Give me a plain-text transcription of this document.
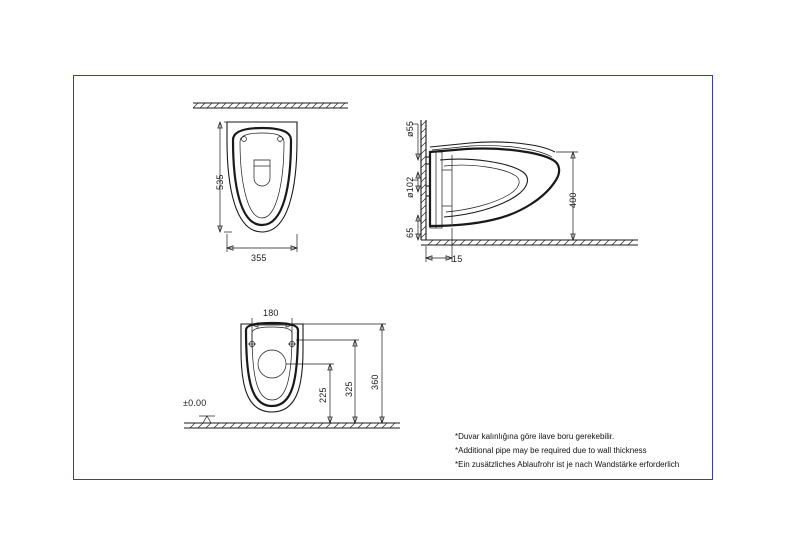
535
355
ø55
ø102
400
65
15
180
225 325 360
±0.00
*Duvar kalınlığına göre ilave boru gerekebilir.
*Additional pipe may be required due to wall thickness
*Ein zusätzliches Ablaufrohr ist je nach Wandstärke erforderlich
